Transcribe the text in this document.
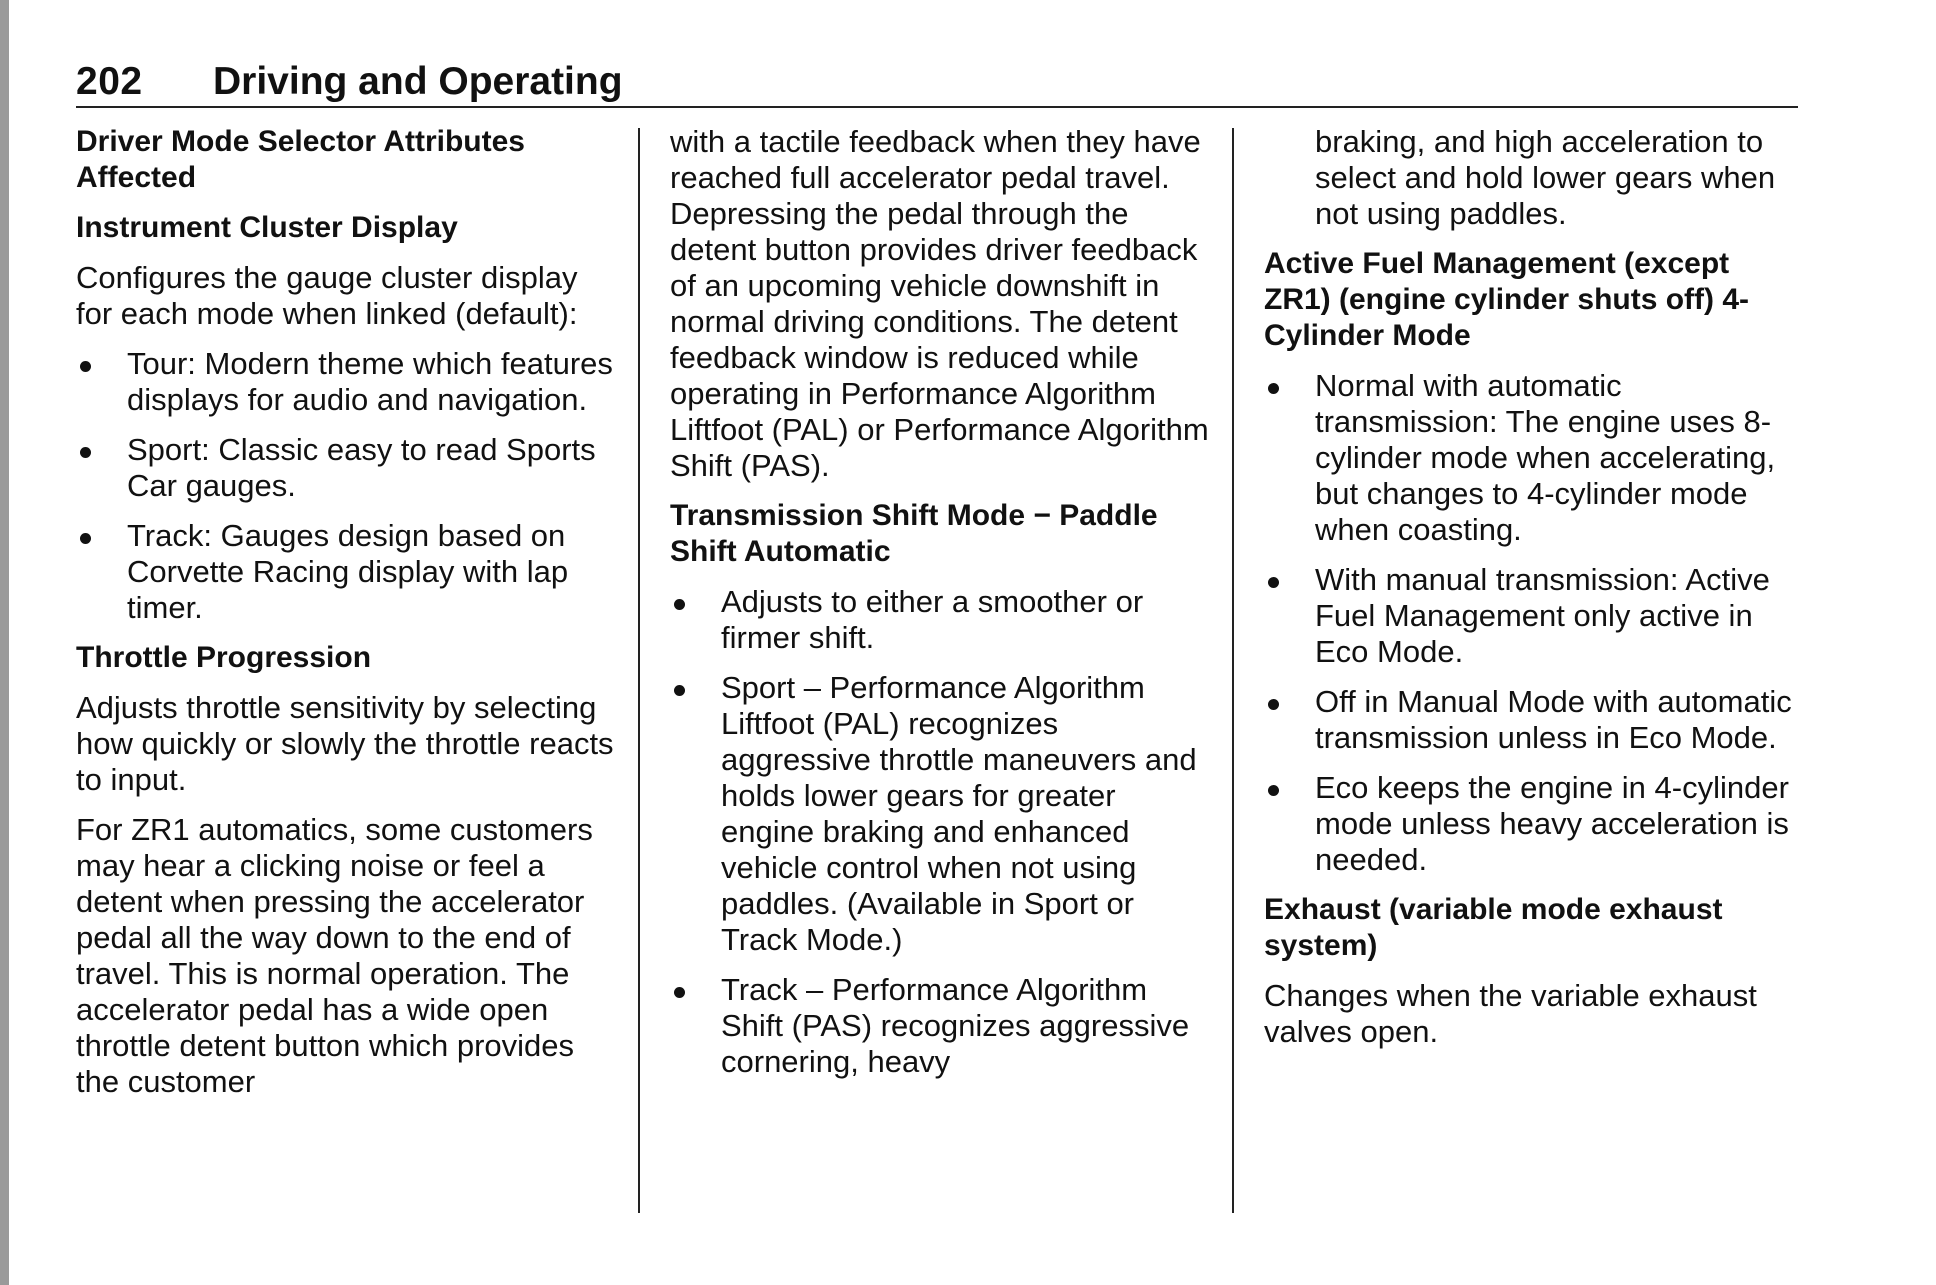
202 Driving and Operating
Driver Mode Selector Attributes Affected
Instrument Cluster Display

Configures the gauge cluster display for each mode when linked (default):

Tour: Modern theme which features displays for audio and navigation.
Sport: Classic easy to read Sports Car gauges.
Track: Gauges design based on Corvette Racing display with lap timer.
Throttle Progression

Adjusts throttle sensitivity by selecting how quickly or slowly the throttle reacts to input.

For ZR1 automatics, some customers may hear a clicking noise or feel a detent when pressing the accelerator pedal all the way down to the end of travel. This is normal operation. The accelerator pedal has a wide open throttle detent button which provides the customer

with a tactile feedback when they have reached full accelerator pedal travel. Depressing the pedal through the detent button provides driver feedback of an upcoming vehicle downshift in normal driving conditions. The detent feedback window is reduced while operating in Performance Algorithm Liftfoot (PAL) or Performance Algorithm Shift (PAS).

Transmission Shift Mode − Paddle Shift Automatic
Adjusts to either a smoother or firmer shift.
Sport – Performance Algorithm Liftfoot (PAL) recognizes aggressive throttle maneuvers and holds lower gears for greater engine braking and enhanced vehicle control when not using paddles. (Available in Sport or Track Mode.)
Track – Performance Algorithm Shift (PAS) recognizes aggressive cornering, heavy

braking, and high acceleration to select and hold lower gears when not using paddles.

Active Fuel Management (except ZR1) (engine cylinder shuts off) 4-Cylinder Mode
Normal with automatic transmission: The engine uses 8-cylinder mode when accelerating, but changes to 4-cylinder mode when coasting.
With manual transmission: Active Fuel Management only active in Eco Mode.
Off in Manual Mode with automatic transmission unless in Eco Mode.
Eco keeps the engine in 4-cylinder mode unless heavy acceleration is needed.
Exhaust (variable mode exhaust system)

Changes when the variable exhaust valves open.
